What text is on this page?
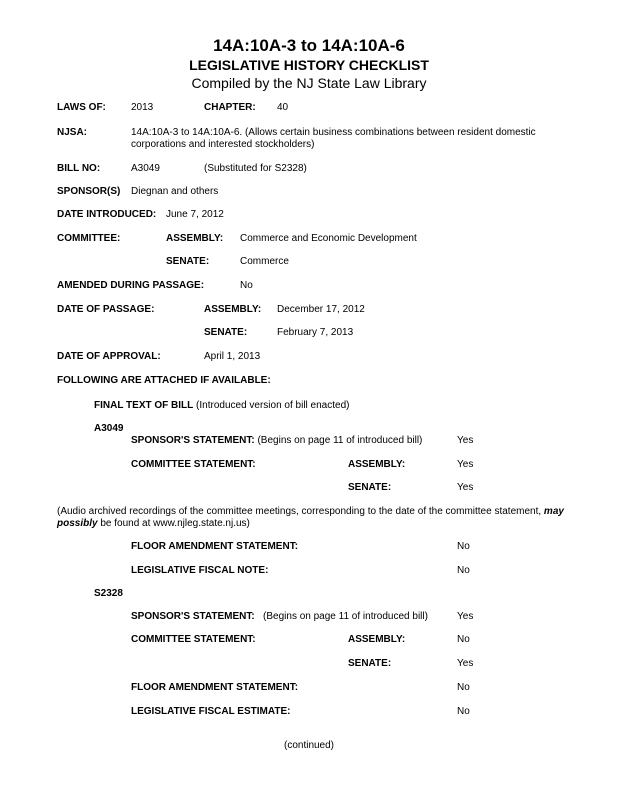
14A:10A-3 to 14A:10A-6
LEGISLATIVE HISTORY CHECKLIST
Compiled by the NJ State Law Library
LAWS OF:	2013	CHAPTER: 40
NJSA:	14A:10A-3 to 14A:10A-6. (Allows certain business combinations between resident domestic corporations and interested stockholders)
BILL NO:	A3049	(Substituted for S2328)
SPONSOR(S) Diegnan and others
DATE INTRODUCED: June 7, 2012
COMMITTEE:	ASSEMBLY: Commerce and Economic Development
SENATE:	Commerce
AMENDED DURING PASSAGE:	No
DATE OF PASSAGE:	ASSEMBLY: December 17, 2012
SENATE:	February 7, 2013
DATE OF APPROVAL:	April 1, 2013
FOLLOWING ARE ATTACHED IF AVAILABLE:
FINAL TEXT OF BILL (Introduced version of bill enacted)
A3049
SPONSOR'S STATEMENT: (Begins on page 11 of introduced bill)	Yes
COMMITTEE STATEMENT:	ASSEMBLY:	Yes
SENATE:	Yes
(Audio archived recordings of the committee meetings, corresponding to the date of the committee statement, may possibly be found at www.njleg.state.nj.us)
FLOOR AMENDMENT STATEMENT:	No
LEGISLATIVE FISCAL NOTE:	No
S2328
SPONSOR'S STATEMENT: (Begins on page 11 of introduced bill)	Yes
COMMITTEE STATEMENT:	ASSEMBLY:	No
SENATE:	Yes
FLOOR AMENDMENT STATEMENT:	No
LEGISLATIVE FISCAL ESTIMATE:	No
(continued)
